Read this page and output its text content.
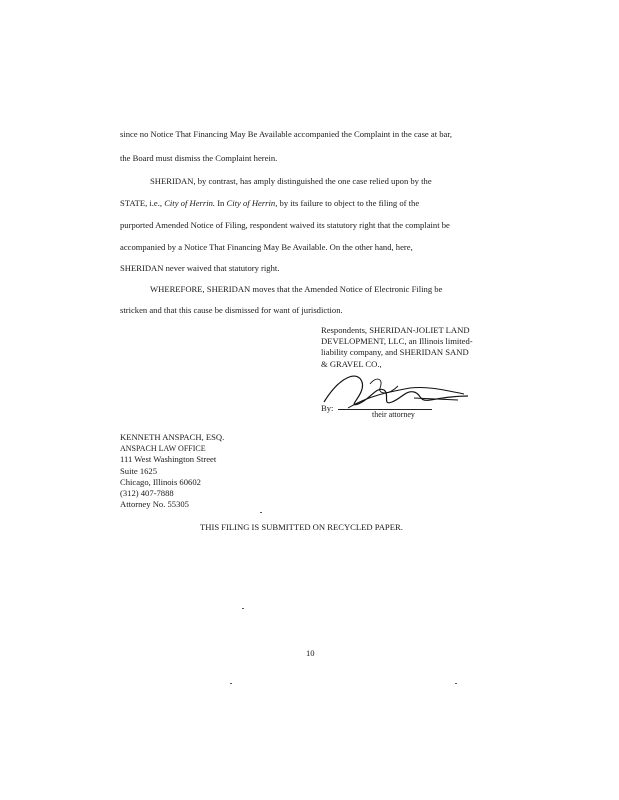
since no Notice That Financing May Be Available accompanied the Complaint in the case at bar,
the Board must dismiss the Complaint herein.
SHERIDAN, by contrast, has amply distinguished the one case relied upon by the
STATE, i.e., City of Herrin. In City of Herrin, by its failure to object to the filing of the
purported Amended Notice of Filing, respondent waived its statutory right that the complaint be
accompanied by a Notice That Financing May Be Available. On the other hand, here,
SHERIDAN never waived that statutory right.
WHEREFORE, SHERIDAN moves that the Amended Notice of Electronic Filing be
stricken and that this cause be dismissed for want of jurisdiction.
Respondents, SHERIDAN-JOLIET LAND
DEVELOPMENT, LLC, an Illinois limited-
liability company, and SHERIDAN SAND
& GRAVEL CO.,
By:
their attorney
KENNETH ANSPACH, ESQ.
ANSPACH LAW OFFICE
111 West Washington Street
Suite 1625
Chicago, Illinois 60602
(312) 407-7888
Attorney No. 55305
THIS FILING IS SUBMITTED ON RECYCLED PAPER.
10
